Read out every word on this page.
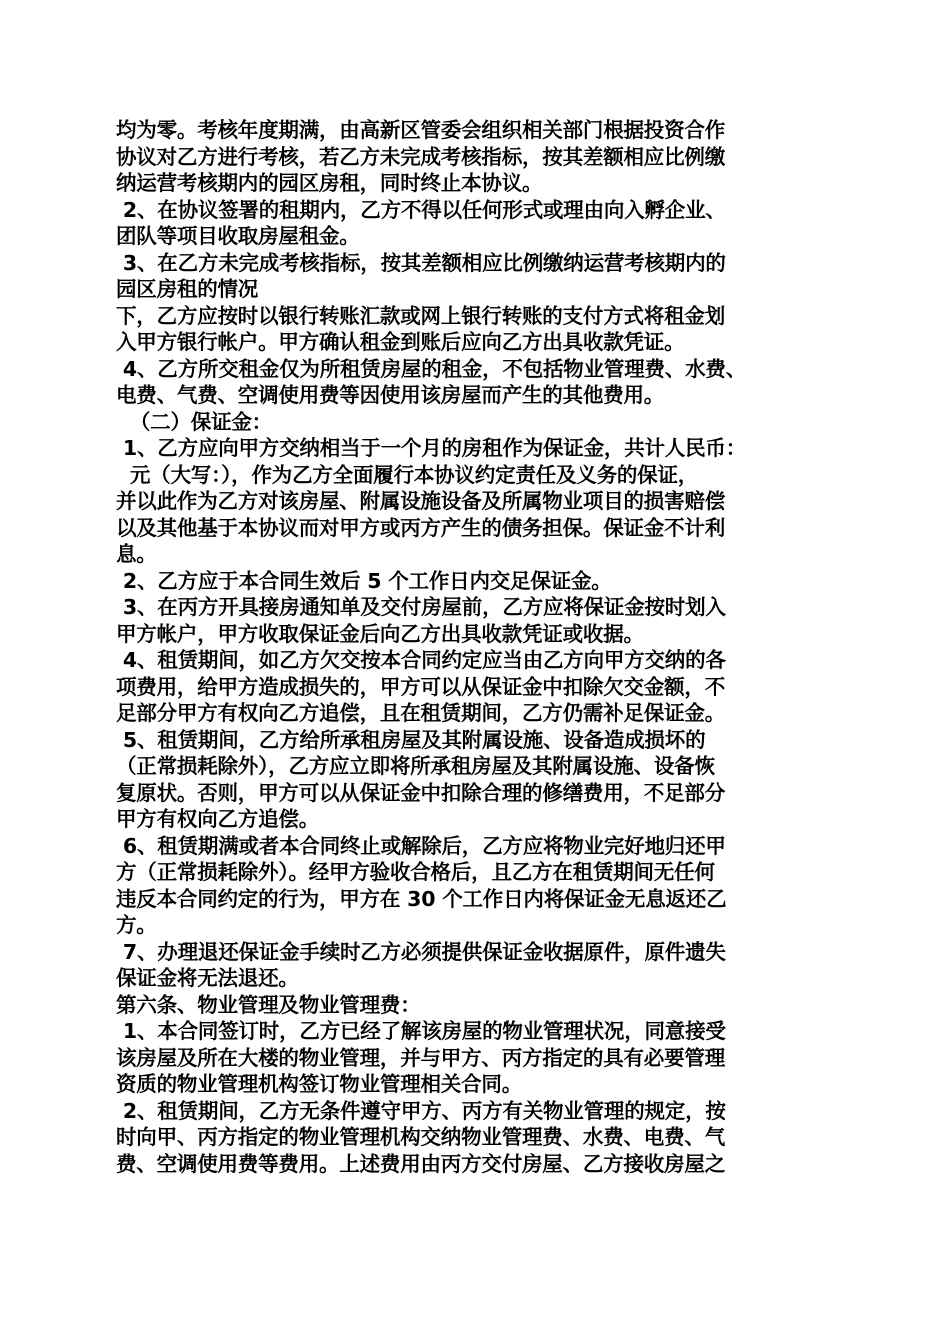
均为零。考核年度期满，由高新区管委会组织相关部门根据投资合作
协议对乙方进行考核，若乙方未完成考核指标，按其差额相应比例缴
纳运营考核期内的园区房租，同时终止本协议。
2、在协议签署的租期内，乙方不得以任何形式或理由向入孵企业、
团队等项目收取房屋租金。
3、在乙方未完成考核指标，按其差额相应比例缴纳运营考核期内的
园区房租的情况
下，乙方应按时以银行转账汇款或网上银行转账的支付方式将租金划
入甲方银行帐户。甲方确认租金到账后应向乙方出具收款凭证。
4、乙方所交租金仅为所租赁房屋的租金，不包括物业管理费、水费、
电费、气费、空调使用费等因使用该房屋而产生的其他费用。
（二）保证金：
1、乙方应向甲方交纳相当于一个月的房租作为保证金，共计人民币：
元（大写：），作为乙方全面履行本协议约定责任及义务的保证，
并以此作为乙方对该房屋、附属设施设备及所属物业项目的损害赔偿
以及其他基于本协议而对甲方或丙方产生的债务担保。保证金不计利
息。
2、乙方应于本合同生效后 5 个工作日内交足保证金。
3、在丙方开具接房通知单及交付房屋前，乙方应将保证金按时划入
甲方帐户，甲方收取保证金后向乙方出具收款凭证或收据。
4、租赁期间，如乙方欠交按本合同约定应当由乙方向甲方交纳的各
项费用，给甲方造成损失的，甲方可以从保证金中扣除欠交金额，不
足部分甲方有权向乙方追偿，且在租赁期间，乙方仍需补足保证金。
5、租赁期间，乙方给所承租房屋及其附属设施、设备造成损坏的
（正常损耗除外），乙方应立即将所承租房屋及其附属设施、设备恢
复原状。否则，甲方可以从保证金中扣除合理的修缮费用，不足部分
甲方有权向乙方追偿。
6、租赁期满或者本合同终止或解除后，乙方应将物业完好地归还甲
方（正常损耗除外）。经甲方验收合格后，且乙方在租赁期间无任何
违反本合同约定的行为，甲方在 30 个工作日内将保证金无息返还乙
方。
7、办理退还保证金手续时乙方必须提供保证金收据原件，原件遗失
保证金将无法退还。
第六条、物业管理及物业管理费：
1、本合同签订时，乙方已经了解该房屋的物业管理状况，同意接受
该房屋及所在大楼的物业管理，并与甲方、丙方指定的具有必要管理
资质的物业管理机构签订物业管理相关合同。
2、租赁期间，乙方无条件遵守甲方、丙方有关物业管理的规定，按
时向甲、丙方指定的物业管理机构交纳物业管理费、水费、电费、气
费、空调使用费等费用。上述费用由丙方交付房屋、乙方接收房屋之
